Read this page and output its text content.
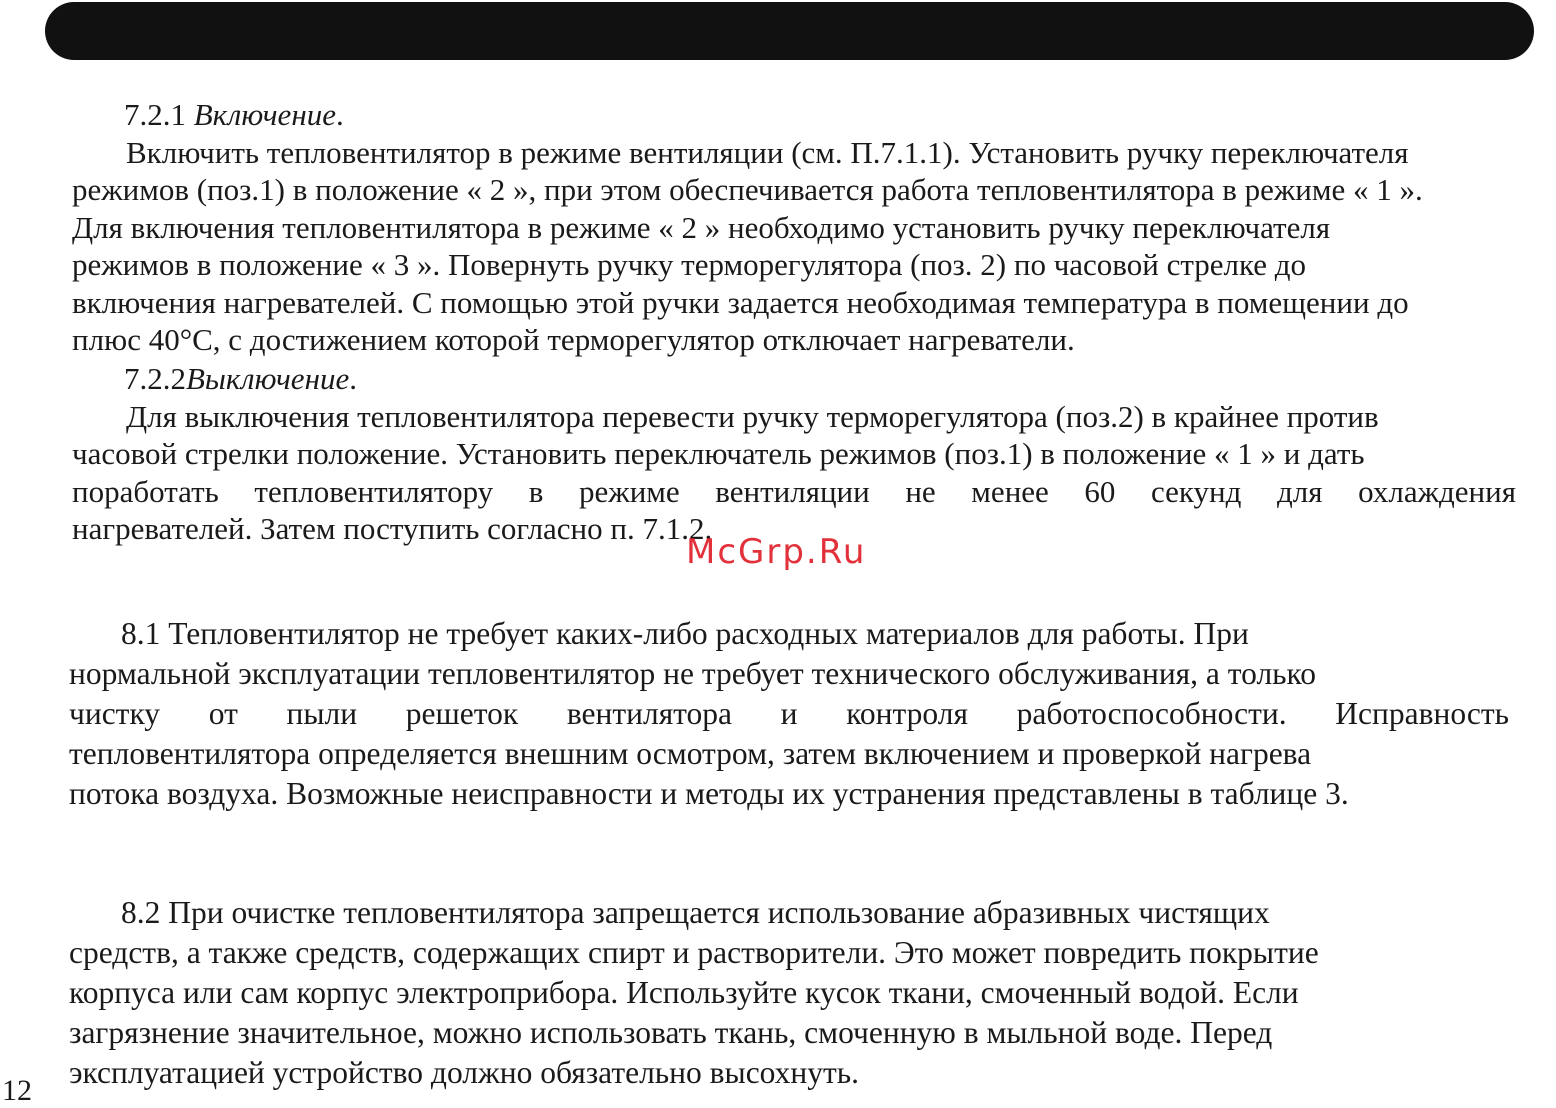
7.2.1 Включение.
Включить тепловентилятор в режиме вентиляции (см. П.7.1.1). Установить ручку переключателя
режимов (поз.1) в положение « 2 », при этом обеспечивается работа тепловентилятора в режиме « 1 ».
Для включения тепловентилятора в режиме « 2 » необходимо установить ручку переключателя
режимов в положение « 3 ». Повернуть ручку терморегулятора (поз. 2) по часовой стрелке до
включения нагревателей. С помощью этой ручки задается необходимая температура в помещении до
плюс 40°С, с достижением которой терморегулятор отключает нагреватели.
7.2.2Выключение.
Для выключения тепловентилятора перевести ручку терморегулятора (поз.2) в крайнее против
часовой стрелки положение. Установить переключатель режимов (поз.1) в положение « 1 » и дать
поработать тепловентилятору в режиме вентиляции не менее 60 секунд для охлаждения
нагревателей. Затем поступить согласно п. 7.1.2.
McGrp.Ru
8.1 Тепловентилятор не требует каких-либо расходных материалов для работы. При
нормальной эксплуатации тепловентилятор не требует технического обслуживания, а только
чистку от пыли решеток вентилятора и контроля работоспособности. Исправность
тепловентилятора определяется внешним осмотром, затем включением и проверкой нагрева
потока воздуха. Возможные неисправности и методы их устранения представлены в таблице 3.
8.2 При очистке тепловентилятора запрещается использование абразивных чистящих
средств, а также средств, содержащих спирт и растворители. Это может повредить покрытие
корпуса или сам корпус электроприбора. Используйте кусок ткани, смоченный водой. Если
загрязнение значительное, можно использовать ткань, смоченную в мыльной воде. Перед
эксплуатацией устройство должно обязательно высохнуть.
12
